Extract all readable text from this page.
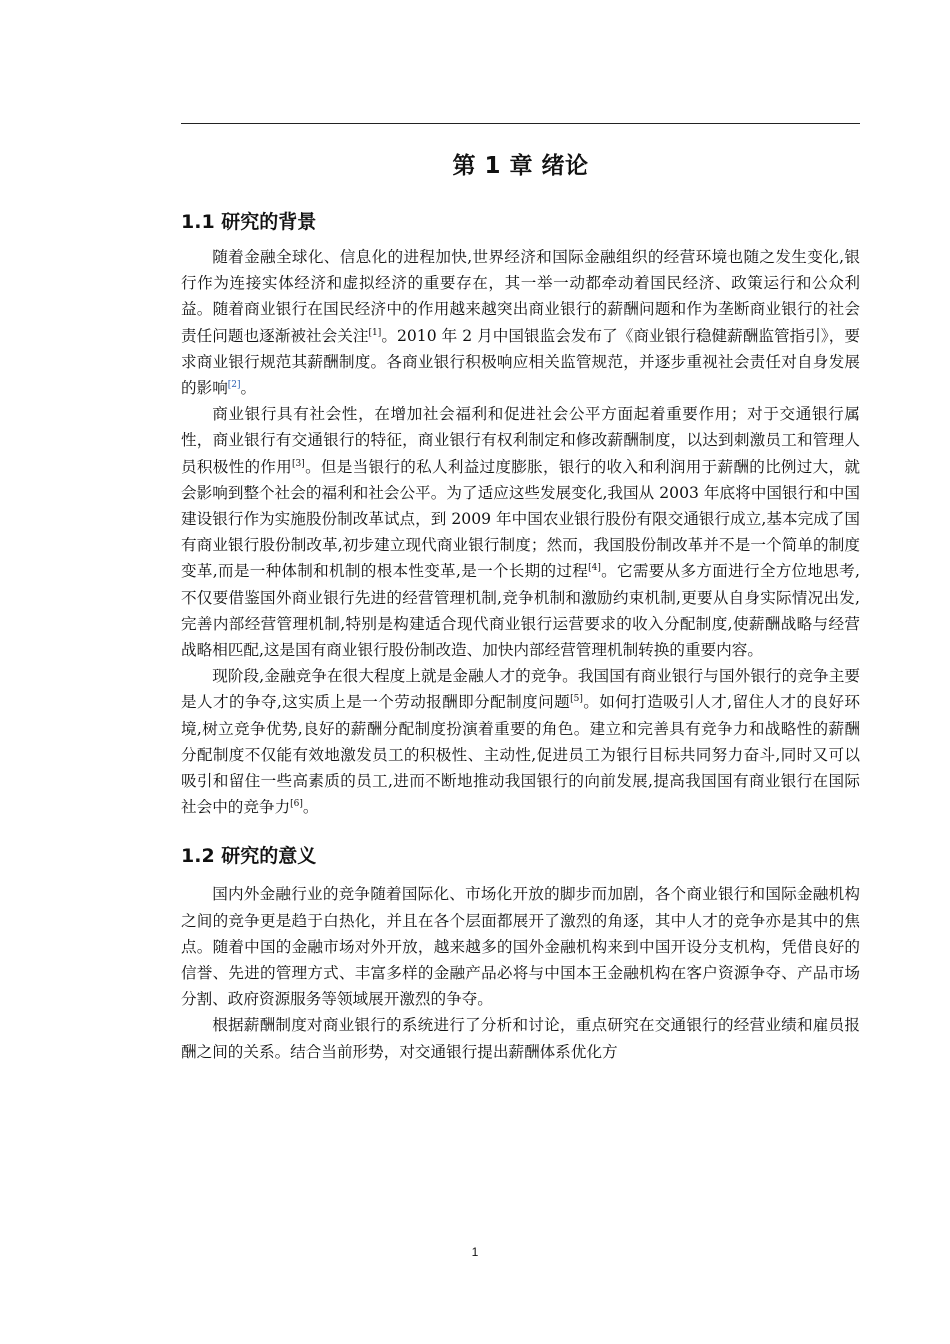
第 1 章 绪论
1.1 研究的背景

随着金融全球化、信息化的进程加快,世界经济和国际金融组织的经营环境也随之发生变化,银行作为连接实体经济和虚拟经济的重要存在，其一举一动都牵动着国民经济、政策运行和公众利益。随着商业银行在国民经济中的作用越来越突出商业银行的薪酬问题和作为垄断商业银行的社会责任问题也逐渐被社会关注[1]。2010 年 2 月中国银监会发布了《商业银行稳健薪酬监管指引》，要求商业银行规范其薪酬制度。各商业银行积极响应相关监管规范，并逐步重视社会责任对自身发展的影响[2]。

商业银行具有社会性，在增加社会福利和促进社会公平方面起着重要作用；对于交通银行属性，商业银行有交通银行的特征，商业银行有权利制定和修改薪酬制度，以达到刺激员工和管理人员积极性的作用[3]。但是当银行的私人利益过度膨胀，银行的收入和利润用于薪酬的比例过大，就会影响到整个社会的福利和社会公平。为了适应这些发展变化,我国从 2003 年底将中国银行和中国建设银行作为实施股份制改革试点，到 2009 年中国农业银行股份有限交通银行成立,基本完成了国有商业银行股份制改革,初步建立现代商业银行制度；然而，我国股份制改革并不是一个简单的制度变革,而是一种体制和机制的根本性变革,是一个长期的过程[4]。它需要从多方面进行全方位地思考,不仅要借鉴国外商业银行先进的经营管理机制,竞争机制和激励约束机制,更要从自身实际情况出发,完善内部经营管理机制,特别是构建适合现代商业银行运营要求的收入分配制度,使薪酬战略与经营战略相匹配,这是国有商业银行股份制改造、加快内部经营管理机制转换的重要内容。

现阶段,金融竞争在很大程度上就是金融人才的竞争。我国国有商业银行与国外银行的竞争主要是人才的争夺,这实质上是一个劳动报酬即分配制度问题[5]。如何打造吸引人才,留住人才的良好环境,树立竞争优势,良好的薪酬分配制度扮演着重要的角色。建立和完善具有竞争力和战略性的薪酬分配制度不仅能有效地激发员工的积极性、主动性,促进员工为银行目标共同努力奋斗,同时又可以吸引和留住一些高素质的员工,进而不断地推动我国银行的向前发展,提高我国国有商业银行在国际社会中的竞争力[6]。

1.2 研究的意义

国内外金融行业的竞争随着国际化、市场化开放的脚步而加剧，各个商业银行和国际金融机构之间的竞争更是趋于白热化，并且在各个层面都展开了激烈的角逐，其中人才的竞争亦是其中的焦点。随着中国的金融市场对外开放，越来越多的国外金融机构来到中国开设分支机构，凭借良好的信誉、先进的管理方式、丰富多样的金融产品必将与中国本王金融机构在客户资源争夺、产品市场分割、政府资源服务等领域展开激烈的争夺。

根据薪酬制度对商业银行的系统进行了分析和讨论，重点研究在交通银行的经营业绩和雇员报酬之间的关系。结合当前形势，对交通银行提出薪酬体系优化方

1
